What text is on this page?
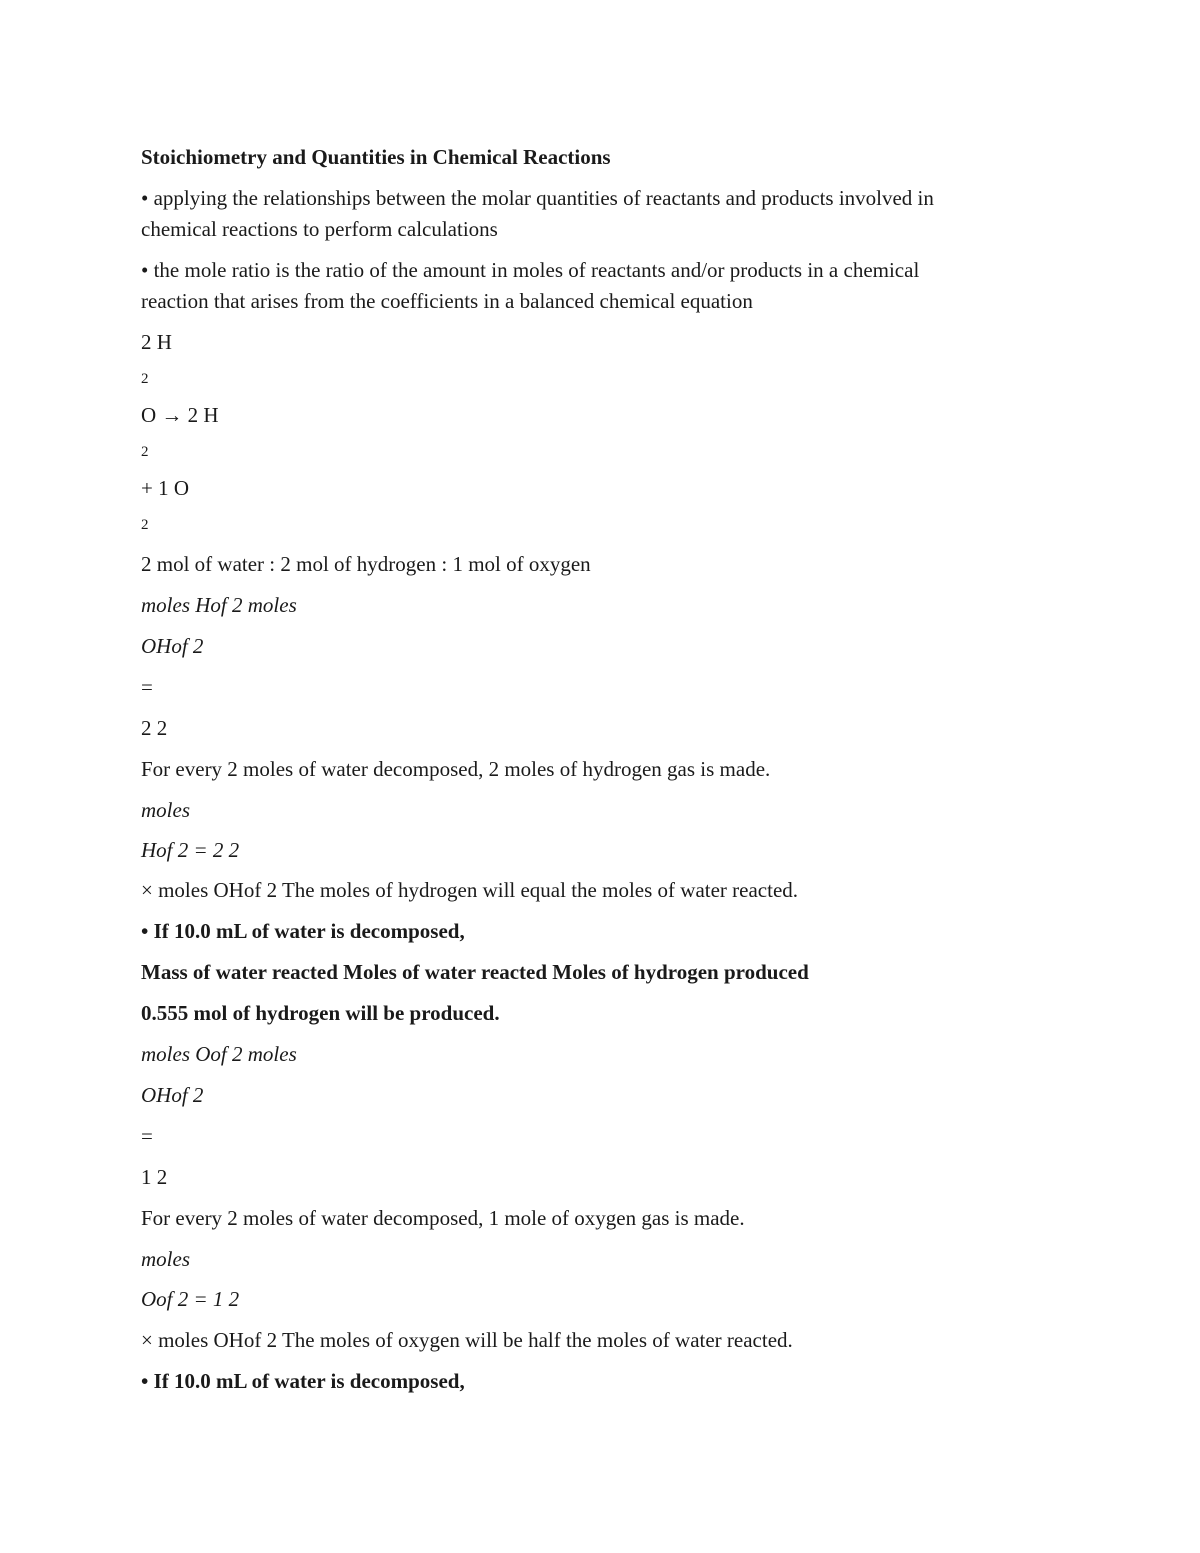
Stoichiometry and Quantities in Chemical Reactions
• applying the relationships between the molar quantities of reactants and products involved in
chemical reactions to perform calculations
• the mole ratio is the ratio of the amount in moles of reactants and/or products in a chemical
reaction that arises from the coefficients in a balanced chemical equation
2 H
2
O → 2 H
2
+ 1 O
2
2 mol of water : 2 mol of hydrogen : 1 mol of oxygen
moles Hof 2 moles
OHof 2
=
2 2
For every 2 moles of water decomposed, 2 moles of hydrogen gas is made.
moles
Hof 2 = 2 2
× moles OHof 2 The moles of hydrogen will equal the moles of water reacted.
• If 10.0 mL of water is decomposed,
Mass of water reacted Moles of water reacted Moles of hydrogen produced
0.555 mol of hydrogen will be produced.
moles Oof 2 moles
OHof 2
=
1 2
For every 2 moles of water decomposed, 1 mole of oxygen gas is made.
moles
Oof 2 = 1 2
× moles OHof 2 The moles of oxygen will be half the moles of water reacted.
• If 10.0 mL of water is decomposed,
